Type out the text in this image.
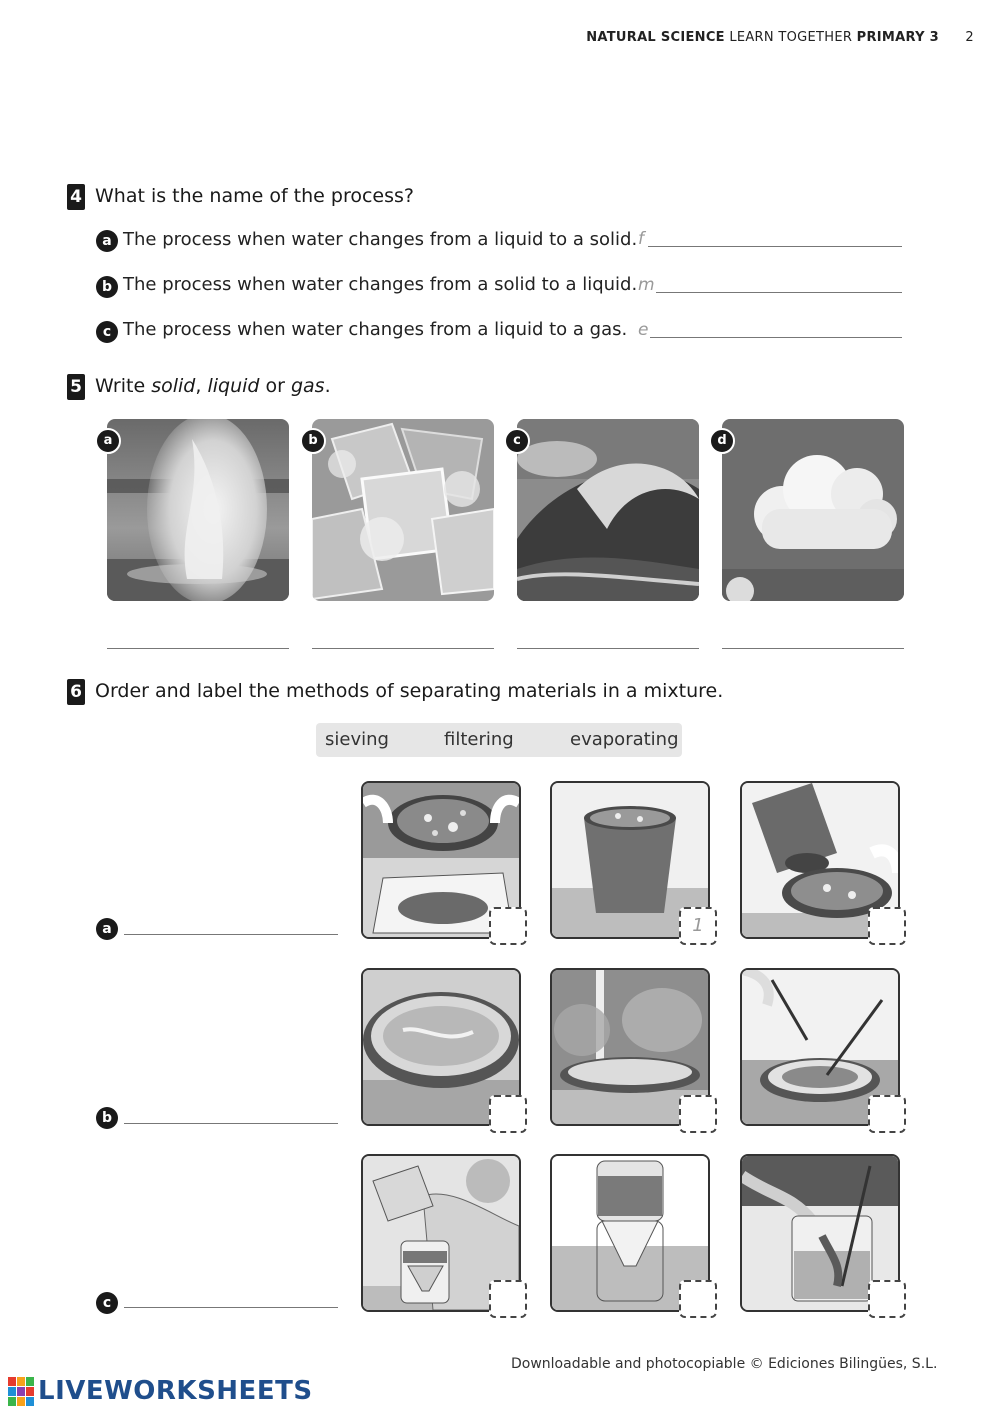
NATURAL SCIENCE LEARN TOGETHER PRIMARY 3 2
4 What is the name of the process?
a The process when water changes from a liquid to a solid. f
b The process when water changes from a solid to a liquid. m
c The process when water changes from a liquid to a gas. e
5 Write solid, liquid or gas.
a	b	c	d
6 Order and label the methods of separating materials in a mixture.
sieving	filtering	evaporating
a
b
c
1
Downloadable and photocopiable © Ediciones Bilingües, S.L.
LIVEWORKSHEETS
